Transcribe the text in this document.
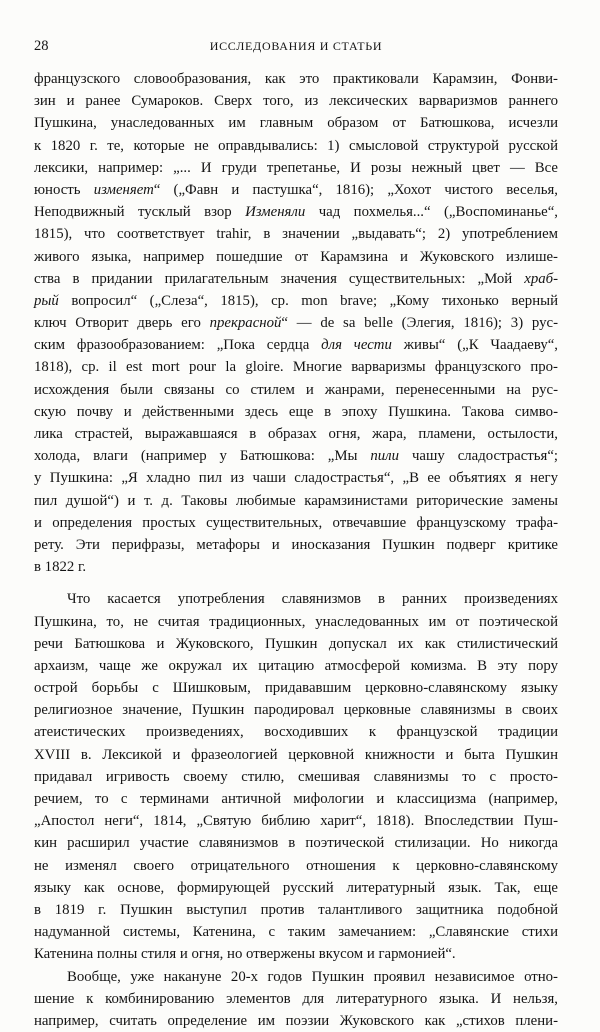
28	ИССЛЕДОВАНИЯ И СТАТЬИ
французского словообразования, как это практиковали Карамзин, Фонви-
зин и ранее Сумароков. Сверх того, из лексических варваризмов раннего
Пушкина, унаследованных им главным образом от Батюшкова, исчезли
к 1820 г. те, которые не оправдывались: 1) смысловой структурой русской
лексики, например: „... И груди трепетанье, И розы нежный цвет — Все
юность изменяет“ („Фавн и пастушка“, 1816); „Хохот чистого веселья,
Неподвижный тусклый взор Изменяли чад похмелья...“ („Воспоминанье“,
1815), что соответствует trahir, в значении „выдавать“; 2) употреблением
живого языка, например пошедшие от Карамзина и Жуковского излише-
ства в придании прилагательным значения существительных: „Мой храб-
рый вопросил“ („Слеза“, 1815), ср. mon brave; „Кому тихонько верный
ключ Отворит дверь его прекрасной“ — de sa belle (Элегия, 1816); 3) рус-
ским фразообразованием: „Пока сердца для чести живы“ („К Чаадаеву“,
1818), ср. il est mort pour la gloire. Многие варваризмы французского про-
исхождения были связаны со стилем и жанрами, перенесенными на рус-
скую почву и действенными здесь еще в эпоху Пушкина. Такова симво-
лика страстей, выражавшаяся в образах огня, жара, пламени, остылости,
холода, влаги (например у Батюшкова: „Мы пили чашу сладострастья“;
у Пушкина: „Я хладно пил из чаши сладострастья“, „В ее объятиях я негу
пил душой“) и т. д. Таковы любимые карамзинистами риторические замены
и определения простых существительных, отвечавшие французскому трафа-
рету. Эти перифразы, метафоры и иносказания Пушкин подверг критике
в 1822 г.
Что касается употребления славянизмов в ранних произведениях
Пушкина, то, не считая традиционных, унаследованных им от поэтической
речи Батюшкова и Жуковского, Пушкин допускал их как стилистический
архаизм, чаще же окружал их цитацию атмосферой комизма. В эту пору
острой борьбы с Шишковым, придававшим церковно-славянскому языку
религиозное значение, Пушкин пародировал церковные славянизмы в своих
атеистических произведениях, восходивших к французской традиции
XVIII в. Лексикой и фразеологией церковной книжности и быта Пушкин
придавал игривость своему стилю, смешивая славянизмы то с просто-
речием, то с терминами античной мифологии и классицизма (например,
„Апостол неги“, 1814, „Святую библию харит“, 1818). Впоследствии Пуш-
кин расширил участие славянизмов в поэтической стилизации. Но никогда
не изменял своего отрицательного отношения к церковно-славянскому
языку как основе, формирующей русский литературный язык. Так, еще
в 1819 г. Пушкин выступил против талантливого защитника подобной
надуманной системы, Катенина, с таким замечанием: „Славянские стихи
Катенина полны стиля и огня, но отвержены вкусом и гармонией“.
Вообще, уже накануне 20-х годов Пушкин проявил независимое отно-
шение к комбинированию элементов для литературного языка. И нельзя,
например, считать определение им поэзии Жуковского как „стихов плени-
